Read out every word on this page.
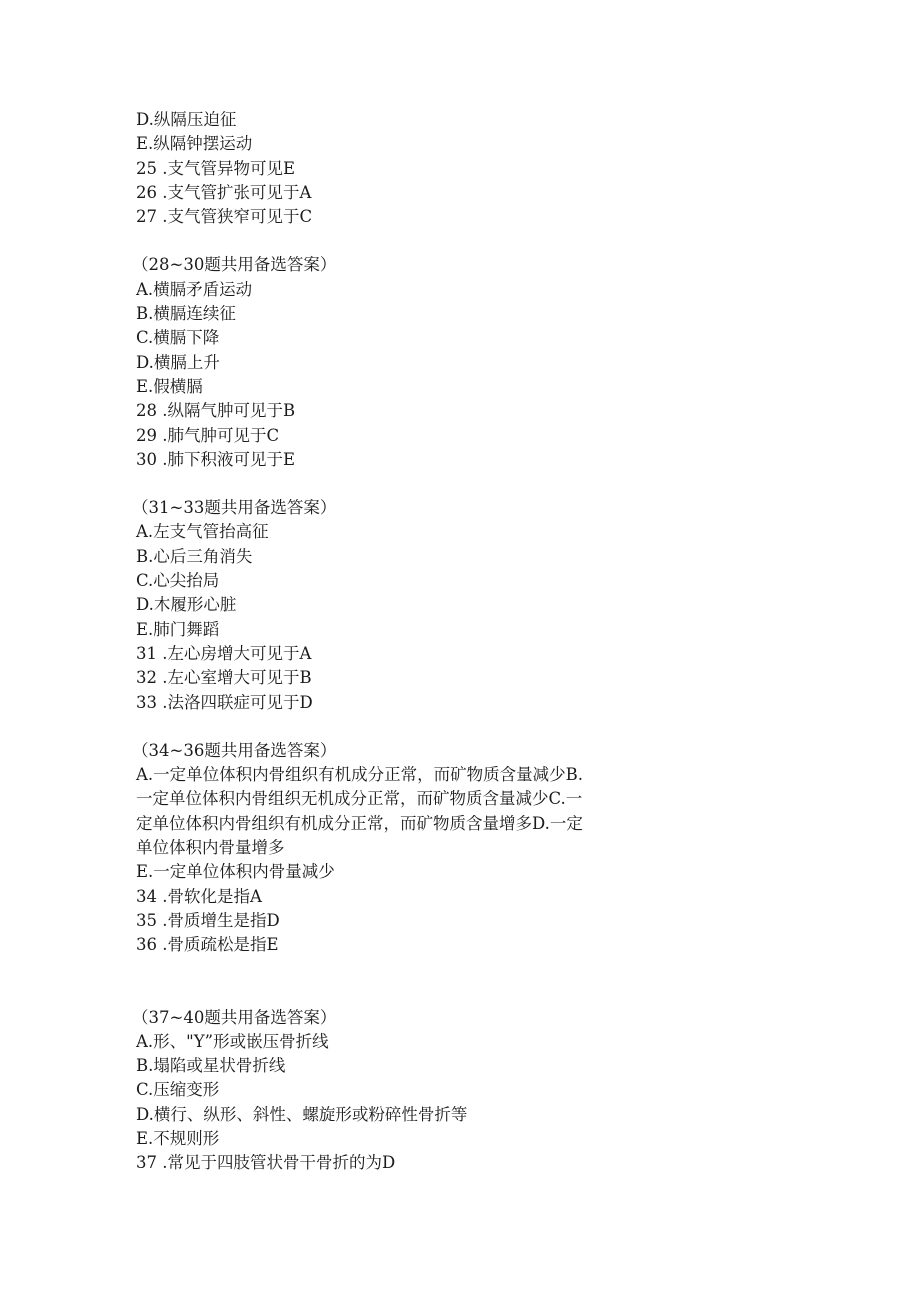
D.纵隔压迫征
E.纵隔钟摆运动
25 .支气管异物可见E
26 .支气管扩张可见于A
27 .支气管狭窄可见于C
（28~30题共用备选答案）
A.横膈矛盾运动
B.横膈连续征
C.横膈下降
D.横膈上升
E.假横膈
28 .纵隔气肿可见于B
29 .肺气肿可见于C
30 .肺下积液可见于E
（31~33题共用备选答案）
A.左支气管抬高征
B.心后三角消失
C.心尖抬局
D.木履形心脏
E.肺门舞蹈
31 .左心房增大可见于A
32 .左心室增大可见于B
33 .法洛四联症可见于D
（34~36题共用备选答案）
A.一定单位体积内骨组织有机成分正常，而矿物质含量减少B.
一定单位体积内骨组织无机成分正常，而矿物质含量减少C.一
定单位体积内骨组织有机成分正常，而矿物质含量增多D.一定
单位体积内骨量增多
E.一定单位体积内骨量减少
34 .骨软化是指A
35 .骨质增生是指D
36 .骨质疏松是指E
（37~40题共用备选答案）
A.形、"Y”形或嵌压骨折线
B.塌陷或星状骨折线
C.压缩变形
D.横行、纵形、斜性、螺旋形或粉碎性骨折等
E.不规则形
37 .常见于四肢管状骨干骨折的为D
